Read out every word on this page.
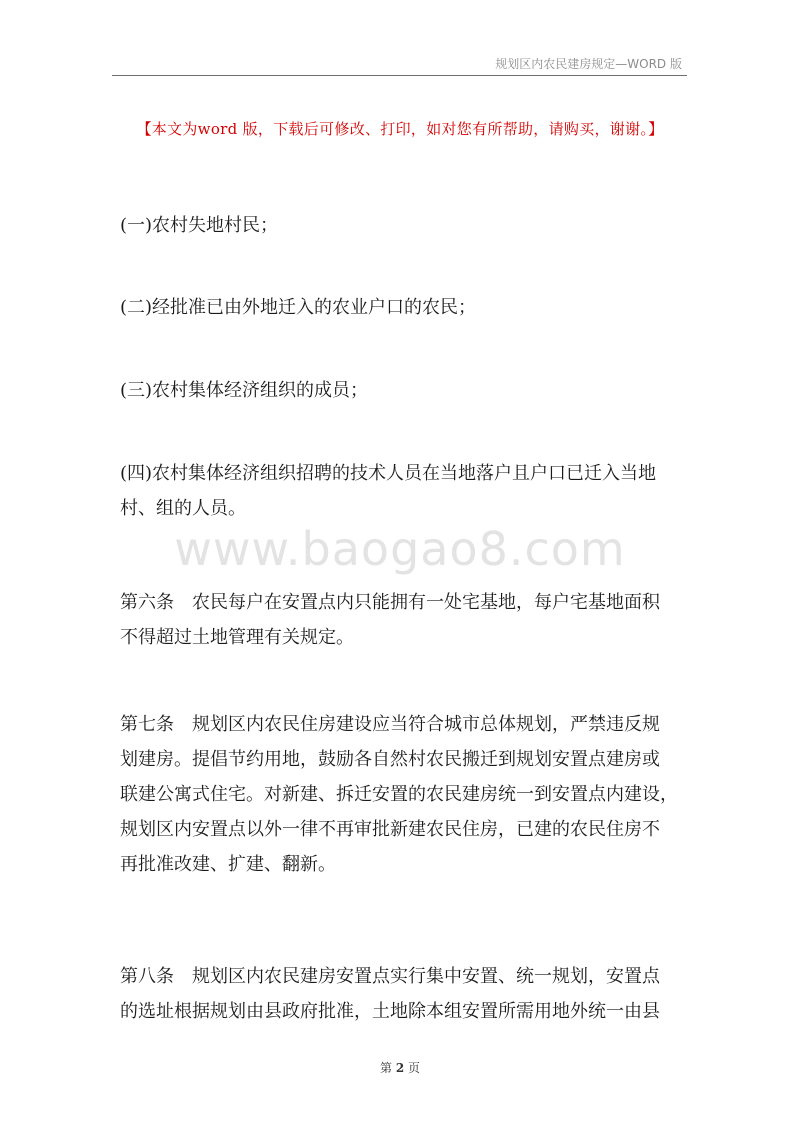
规划区内农民建房规定—WORD 版
【本文为word 版，下载后可修改、打印，如对您有所帮助，请购买，谢谢。】
www.baogao8.com
(一)农村失地村民；
(二)经批准已由外地迁入的农业户口的农民；
(三)农村集体经济组织的成员；
(四)农村集体经济组织招聘的技术人员在当地落户且户口已迁入当地
村、组的人员。
第六条　农民每户在安置点内只能拥有一处宅基地，每户宅基地面积
不得超过土地管理有关规定。
第七条　规划区内农民住房建设应当符合城市总体规划，严禁违反规
划建房。提倡节约用地，鼓励各自然村农民搬迁到规划安置点建房或
联建公寓式住宅。对新建、拆迁安置的农民建房统一到安置点内建设，
规划区内安置点以外一律不再审批新建农民住房，已建的农民住房不
再批准改建、扩建、翻新。
第八条　规划区内农民建房安置点实行集中安置、统一规划，安置点
的选址根据规划由县政府批准，土地除本组安置所需用地外统一由县
第 2 页
